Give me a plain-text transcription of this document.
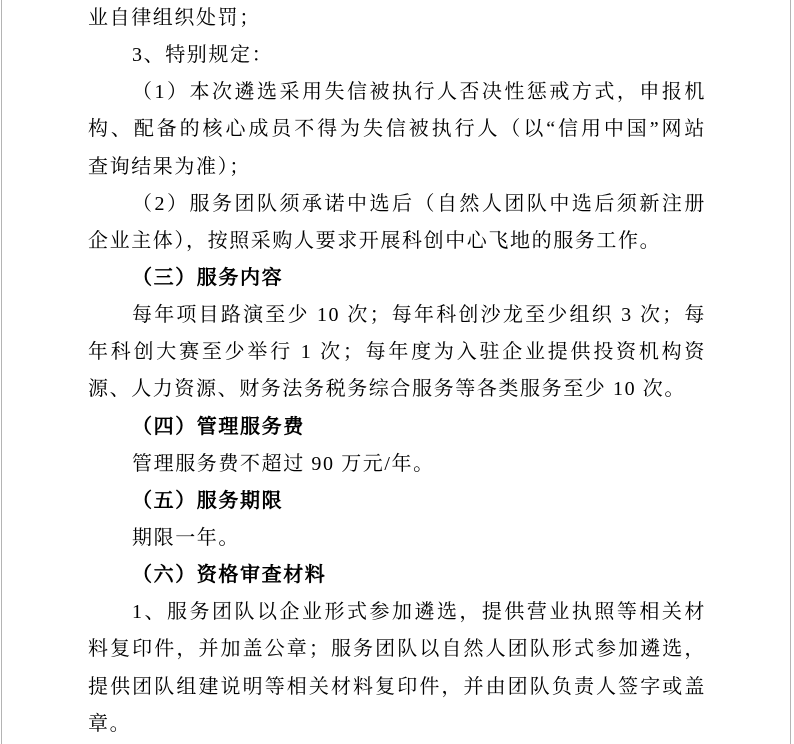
业自律组织处罚；
3、特别规定：
（1）本次遴选采用失信被执行人否决性惩戒方式，申报机
构、配备的核心成员不得为失信被执行人（以“信用中国”网站
查询结果为准）；
（2）服务团队须承诺中选后（自然人团队中选后须新注册
企业主体），按照采购人要求开展科创中心飞地的服务工作。
（三）服务内容
每年项目路演至少 10 次；每年科创沙龙至少组织 3 次；每
年科创大赛至少举行 1 次；每年度为入驻企业提供投资机构资
源、人力资源、财务法务税务综合服务等各类服务至少 10 次。
（四）管理服务费
管理服务费不超过 90 万元/年。
（五）服务期限
期限一年。
（六）资格审查材料
1、服务团队以企业形式参加遴选，提供营业执照等相关材
料复印件，并加盖公章；服务团队以自然人团队形式参加遴选，
提供团队组建说明等相关材料复印件，并由团队负责人签字或盖
章。
